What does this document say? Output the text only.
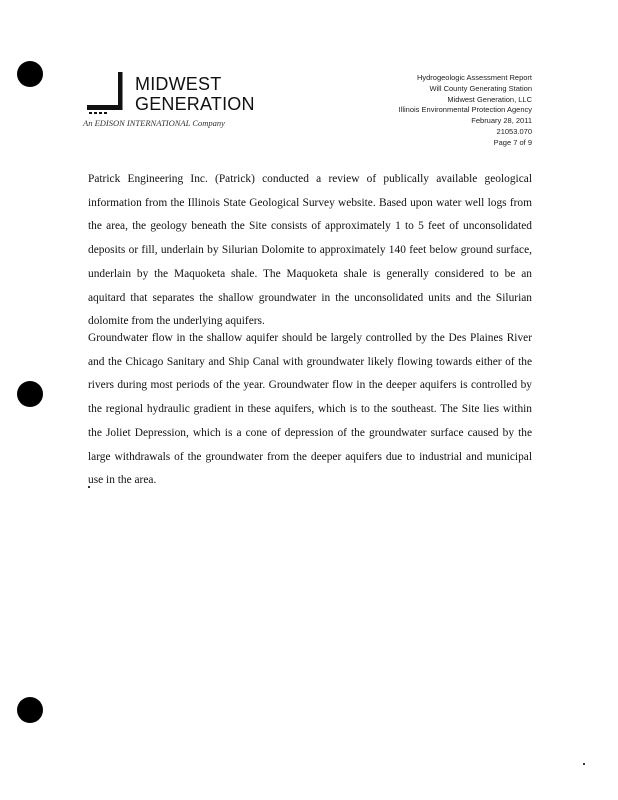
MIDWEST
GENERATION
An EDISON INTERNATIONAL Company
Hydrogeologic Assessment Report
Will County Generating Station
Midwest Generation, LLC
Illinois Environmental Protection Agency
February 28, 2011
21053.070
Page 7 of 9

Patrick Engineering Inc. (Patrick) conducted a review of publically available geological information from the Illinois State Geological Survey website. Based upon water well logs from the area, the geology beneath the Site consists of approximately 1 to 5 feet of unconsolidated deposits or fill, underlain by Silurian Dolomite to approximately 140 feet below ground surface, underlain by the Maquoketa shale. The Maquoketa shale is generally considered to be an aquitard that separates the shallow groundwater in the unconsolidated units and the Silurian dolomite from the underlying aquifers.

Groundwater flow in the shallow aquifer should be largely controlled by the Des Plaines River and the Chicago Sanitary and Ship Canal with groundwater likely flowing towards either of the rivers during most periods of the year. Groundwater flow in the deeper aquifers is controlled by the regional hydraulic gradient in these aquifers, which is to the southeast. The Site lies within the Joliet Depression, which is a cone of depression of the groundwater surface caused by the large withdrawals of the groundwater from the deeper aquifers due to industrial and municipal use in the area.
